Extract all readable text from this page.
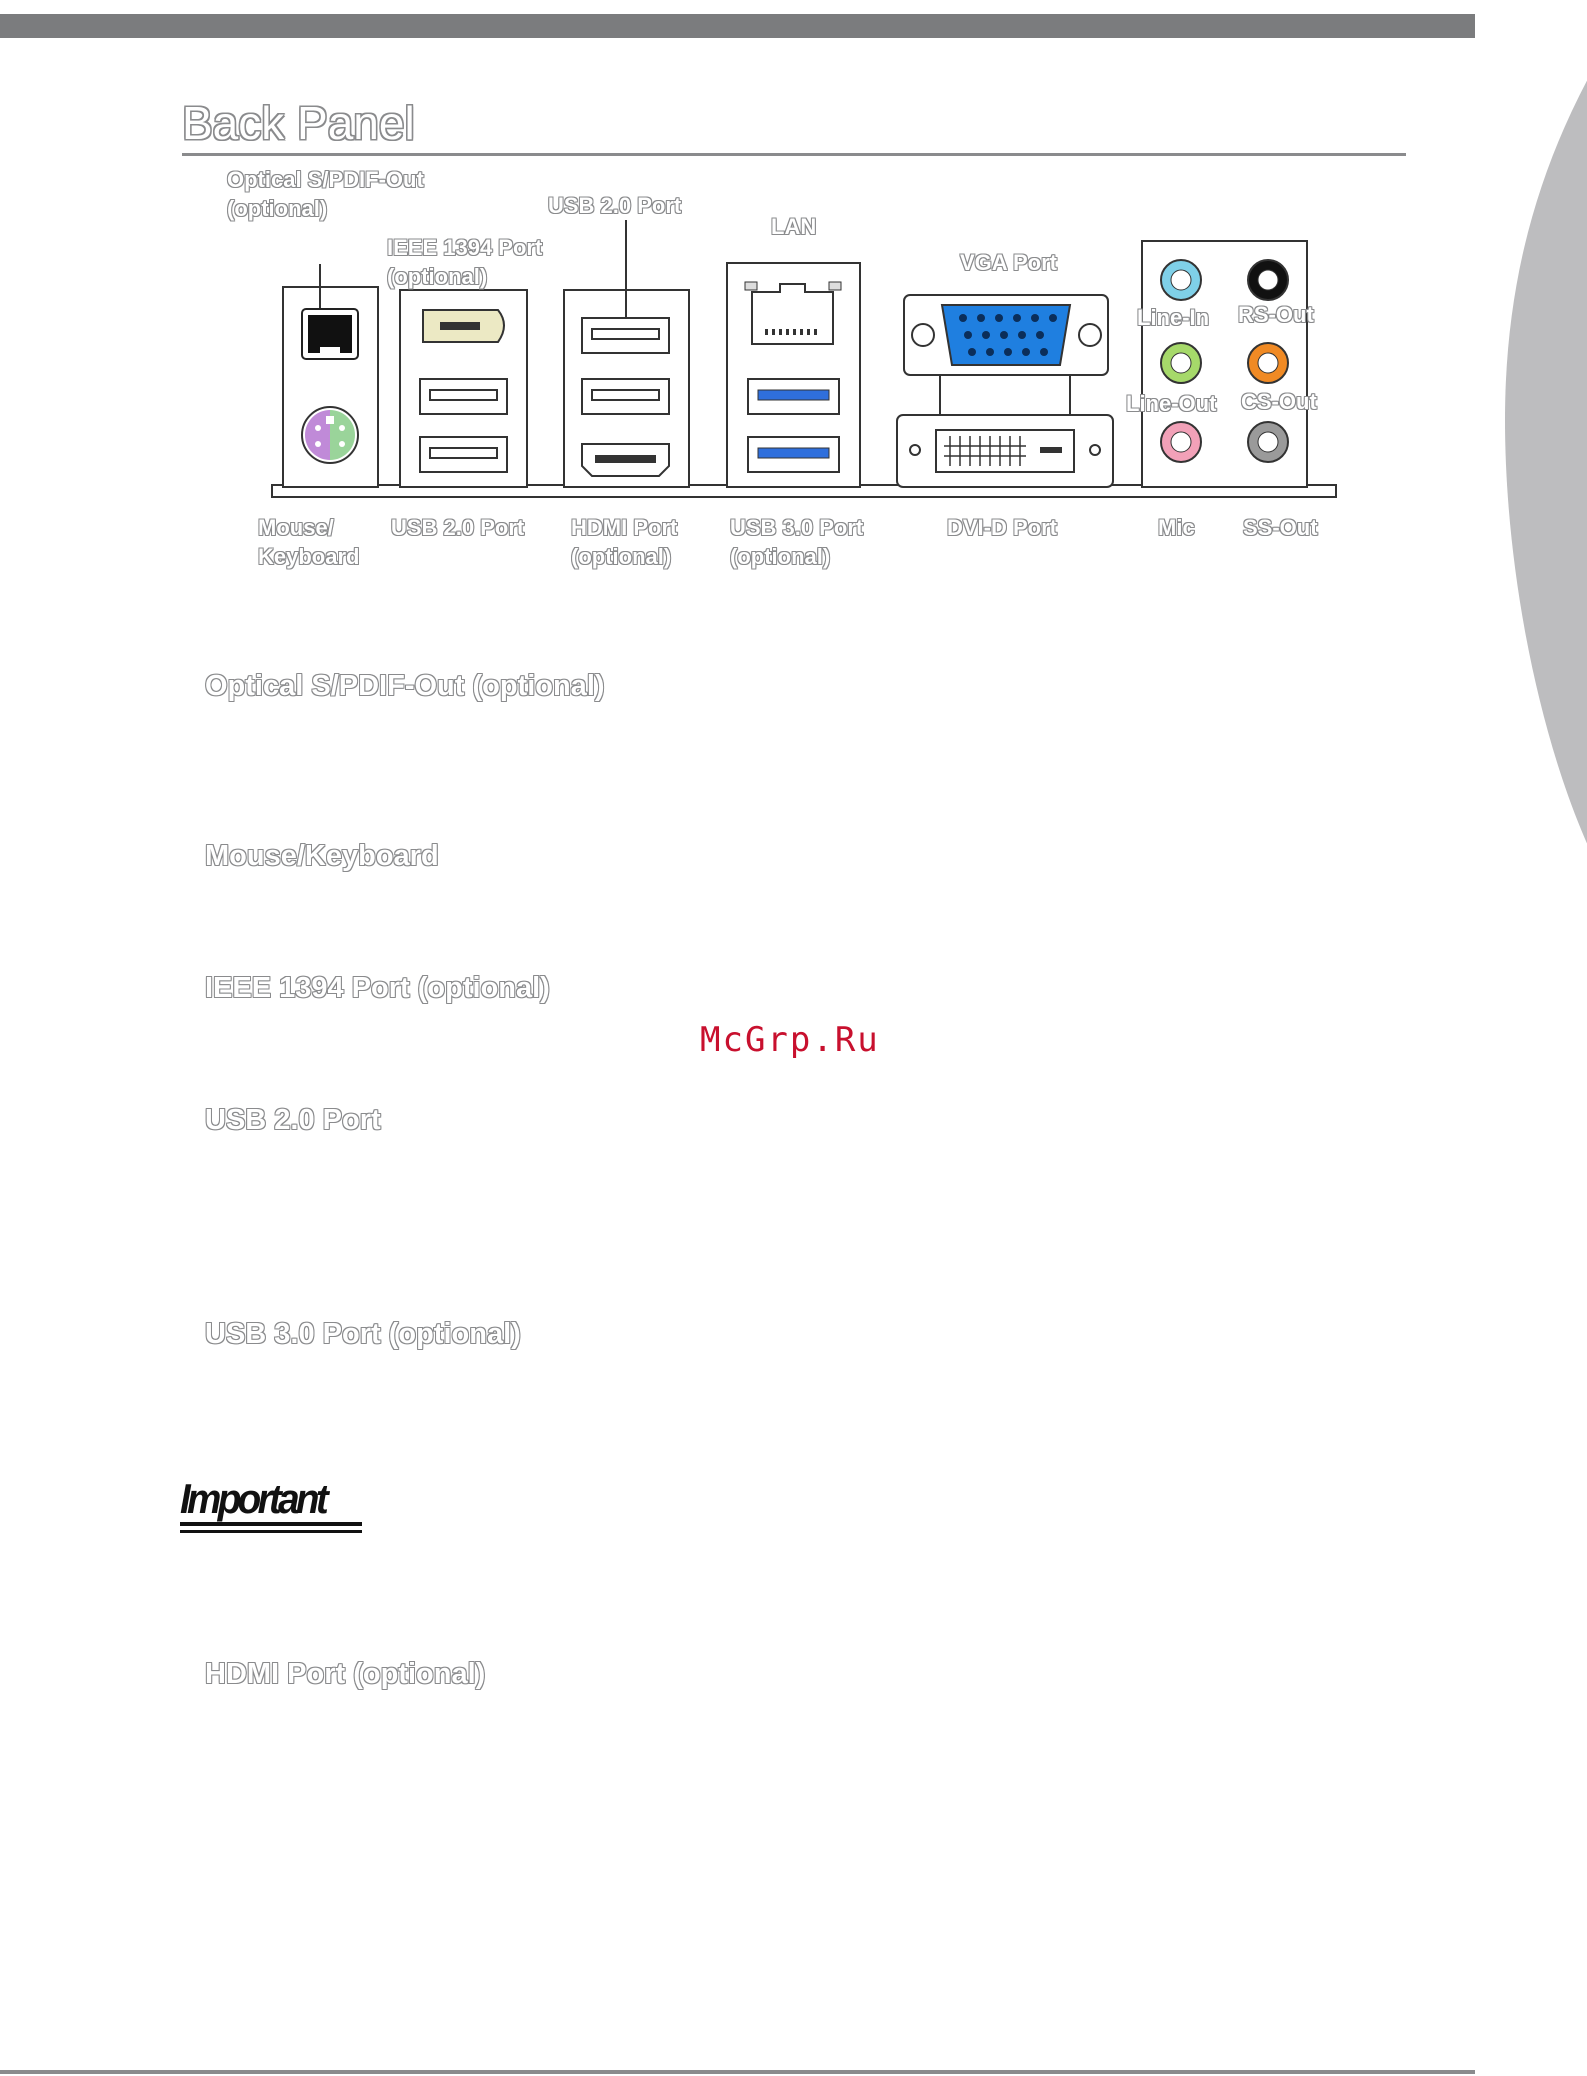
Back Panel
Optical S/PDIF-Out
(optional)
IEEE 1394 Port
(optional)
USB 2.0 Port
LAN
VGA Port
Line-In RS-Out
Line-Out CS-Out
Mouse/
Keyboard
USB 2.0 Port HDMI Port
(optional)
USB 3.0 Port
(optional)
DVI-D Port	Mic SS-Out
Optical S/PDIF-Out (optional)
Mouse/Keyboard
IEEE 1394 Port (optional)
McGrp.Ru
USB 2.0 Port
USB 3.0 Port (optional)
Important
HDMI Port (optional)
